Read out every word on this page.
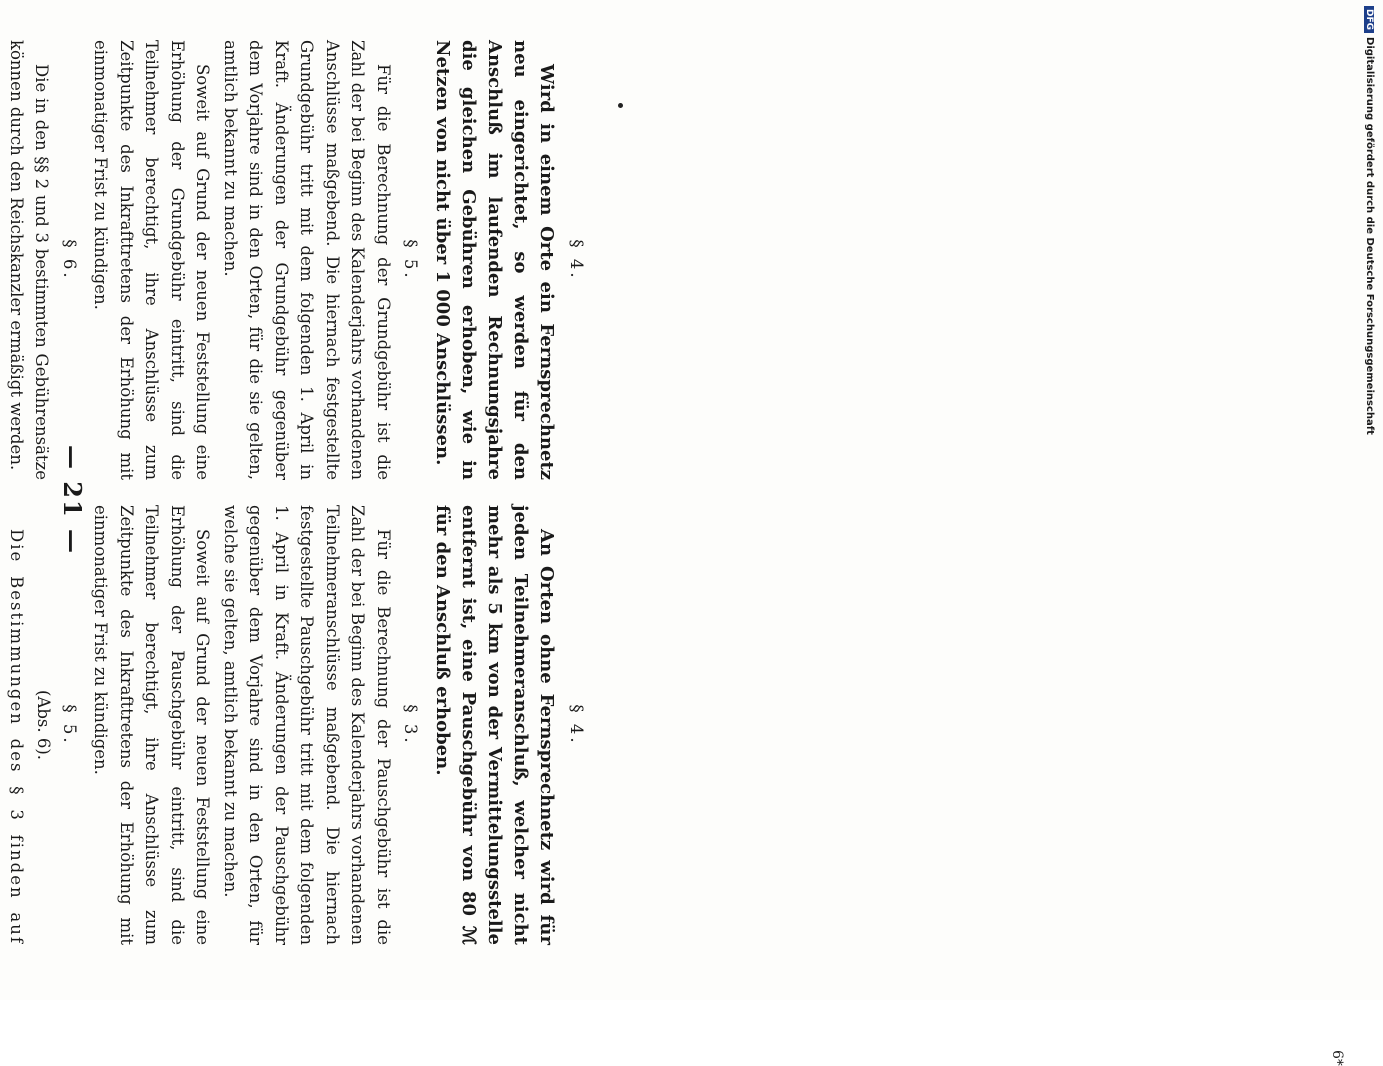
— 21 —
§ 4.
An Orten ohne Fernsprechnetz wird für jeden Teilnehmeranschluß, welcher nicht mehr als 5 km von der Vermittelungsstelle entfernt ist, eine Pauschgebühr von 80 ℳ für den Anschluß erhoben.
§ 3.
Für die Berechnung der Pauschgebühr ist die Zahl der bei Beginn des Kalenderjahrs vorhandenen Teilnehmeranschlüsse maßgebend. Die hiernach festgestellte Pauschgebühr tritt mit dem folgenden 1. April in Kraft. Änderungen der Pauschgebühr gegenüber dem Vorjahre sind in den Orten, für welche sie gelten, amtlich bekannt zu machen.
Soweit auf Grund der neuen Feststellung eine Erhöhung der Pauschgebühr eintritt, sind die Teilnehmer berechtigt, ihre Anschlüsse zum Zeitpunkte des Inkrafttretens der Erhöhung mit einmonatiger Frist zu kündigen.
§ 5.
(Abs. 6).
Die Bestimmungen des § 3 finden auf

§ 4.
Wird in einem Orte ein Fernsprechnetz neu eingerichtet, so werden für den Anschluß im laufenden Rechnungsjahre die gleichen Gebühren erhoben, wie in Netzen von nicht über 1 000 Anschlüssen.
§ 5.
Für die Berechnung der Grundgebühr ist die Zahl der bei Beginn des Kalenderjahrs vorhandenen Anschlüsse maßgebend. Die hiernach festgestellte Grundgebühr tritt mit dem folgenden 1. April in Kraft. Änderungen der Grundgebühr gegenüber dem Vorjahre sind in den Orten, für die sie gelten, amtlich bekannt zu machen.
Soweit auf Grund der neuen Feststellung eine Erhöhung der Grundgebühr eintritt, sind die Teilnehmer berechtigt, ihre Anschlüsse zum Zeitpunkte des Inkrafttretens der Erhöhung mit einmonatiger Frist zu kündigen.
§ 6.
Die in den §§ 2 und 3 bestimmten Gebührensätze können durch den Reichskanzler ermäßigt werden.

6*
DFGDigitalisierung gefördert durch die Deutsche Forschungsgemeinschaft
